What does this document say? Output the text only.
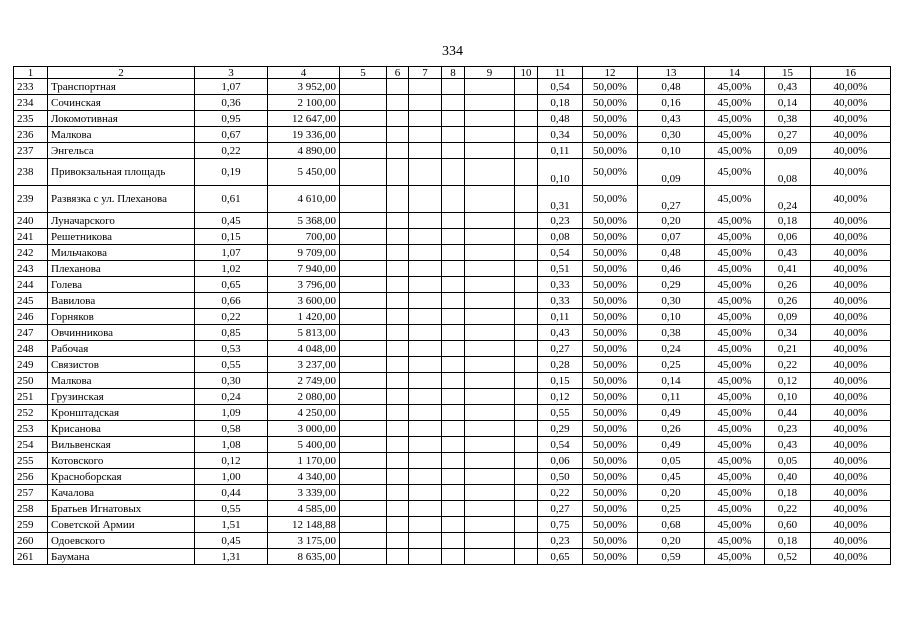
334
1	2	3	4	5	6	7	8	9	10	11	12	13	14	15	16
233	Транспортная	1,07	3 952,00							0,54	50,00%	0,48	45,00%	0,43	40,00%
234	Сочинская	0,36	2 100,00							0,18	50,00%	0,16	45,00%	0,14	40,00%
235	Локомотивная	0,95	12 647,00							0,48	50,00%	0,43	45,00%	0,38	40,00%
236	Малкова	0,67	19 336,00							0,34	50,00%	0,30	45,00%	0,27	40,00%
237	Энгельса	0,22	4 890,00							0,11	50,00%	0,10	45,00%	0,09	40,00%
238	Привокзальная площадь	0,19	5 450,00							0,10	50,00%	0,09	45,00%	0,08	40,00%
239	Развязка с ул. Плеханова	0,61	4 610,00							0,31	50,00%	0,27	45,00%	0,24	40,00%
240	Луначарского	0,45	5 368,00							0,23	50,00%	0,20	45,00%	0,18	40,00%
241	Решетникова	0,15	700,00							0,08	50,00%	0,07	45,00%	0,06	40,00%
242	Мильчакова	1,07	9 709,00							0,54	50,00%	0,48	45,00%	0,43	40,00%
243	Плеханова	1,02	7 940,00							0,51	50,00%	0,46	45,00%	0,41	40,00%
244	Голева	0,65	3 796,00							0,33	50,00%	0,29	45,00%	0,26	40,00%
245	Вавилова	0,66	3 600,00							0,33	50,00%	0,30	45,00%	0,26	40,00%
246	Горняков	0,22	1 420,00							0,11	50,00%	0,10	45,00%	0,09	40,00%
247	Овчинникова	0,85	5 813,00							0,43	50,00%	0,38	45,00%	0,34	40,00%
248	Рабочая	0,53	4 048,00							0,27	50,00%	0,24	45,00%	0,21	40,00%
249	Связистов	0,55	3 237,00							0,28	50,00%	0,25	45,00%	0,22	40,00%
250	Малкова	0,30	2 749,00							0,15	50,00%	0,14	45,00%	0,12	40,00%
251	Грузинская	0,24	2 080,00							0,12	50,00%	0,11	45,00%	0,10	40,00%
252	Кронштадская	1,09	4 250,00							0,55	50,00%	0,49	45,00%	0,44	40,00%
253	Крисанова	0,58	3 000,00							0,29	50,00%	0,26	45,00%	0,23	40,00%
254	Вильвенская	1,08	5 400,00							0,54	50,00%	0,49	45,00%	0,43	40,00%
255	Котовского	0,12	1 170,00							0,06	50,00%	0,05	45,00%	0,05	40,00%
256	Красноборская	1,00	4 340,00							0,50	50,00%	0,45	45,00%	0,40	40,00%
257	Качалова	0,44	3 339,00							0,22	50,00%	0,20	45,00%	0,18	40,00%
258	Братьев Игнатовых	0,55	4 585,00							0,27	50,00%	0,25	45,00%	0,22	40,00%
259	Советской Армии	1,51	12 148,88							0,75	50,00%	0,68	45,00%	0,60	40,00%
260	Одоевского	0,45	3 175,00							0,23	50,00%	0,20	45,00%	0,18	40,00%
261	Баумана	1,31	8 635,00							0,65	50,00%	0,59	45,00%	0,52	40,00%
